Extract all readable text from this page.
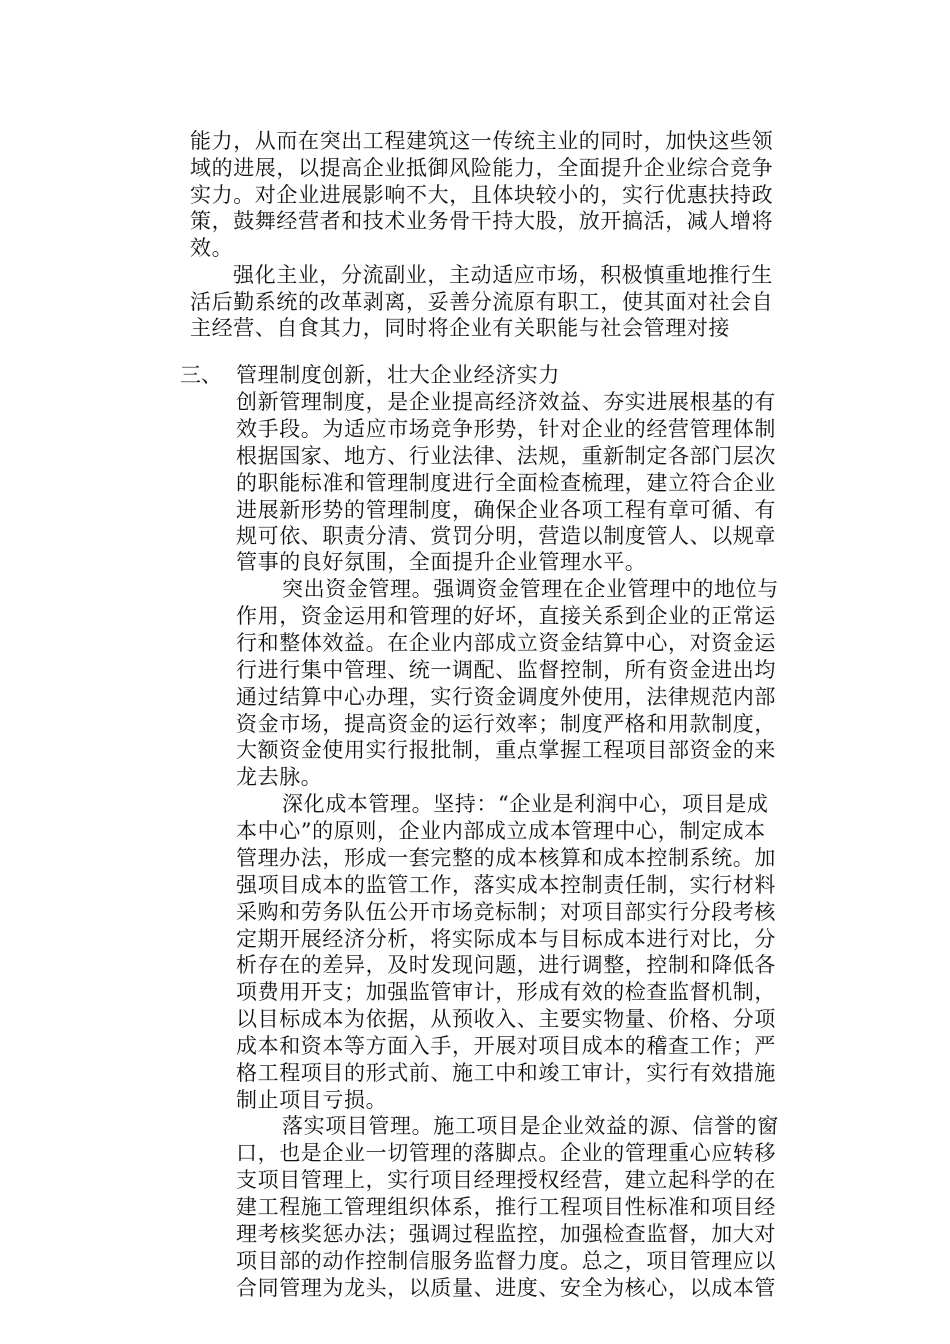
能力，从而在突出工程建筑这一传统主业的同时，加快这些领

域的进展，以提高企业抵御风险能力，全面提升企业综合竞争

实力。对企业进展影响不大，且体块较小的，实行优惠扶持政

策，鼓舞经营者和技术业务骨干持大股，放开搞活，减人增将

效。

强化主业，分流副业，主动适应市场，积极慎重地推行生

活后勤系统的改革剥离，妥善分流原有职工，使其面对社会自

主经营、自食其力，同时将企业有关职能与社会管理对接

三、 管理制度创新，壮大企业经济实力

创新管理制度，是企业提高经济效益、夯实进展根基的有

效手段。为适应市场竞争形势，针对企业的经营管理体制

根据国家、地方、行业法律、法规，重新制定各部门层次

的职能标准和管理制度进行全面检查梳理，建立符合企业

进展新形势的管理制度，确保企业各项工程有章可循、有

规可依、职责分清、赏罚分明，营造以制度管人、以规章

管事的良好氛围，全面提升企业管理水平。

突出资金管理。强调资金管理在企业管理中的地位与

作用，资金运用和管理的好坏，直接关系到企业的正常运

行和整体效益。在企业内部成立资金结算中心，对资金运

行进行集中管理、统一调配、监督控制，所有资金进出均

通过结算中心办理，实行资金调度外使用，法律规范内部

资金市场，提高资金的运行效率；制度严格和用款制度，

大额资金使用实行报批制，重点掌握工程项目部资金的来

龙去脉。

深化成本管理。坚持：“企业是利润中心，项目是成

本中心”的原则，企业内部成立成本管理中心，制定成本

管理办法，形成一套完整的成本核算和成本控制系统。加

强项目成本的监管工作，落实成本控制责任制，实行材料

采购和劳务队伍公开市场竞标制；对项目部实行分段考核

定期开展经济分析，将实际成本与目标成本进行对比，分

析存在的差异，及时发现问题，进行调整，控制和降低各

项费用开支；加强监管审计，形成有效的检查监督机制，

以目标成本为依据，从预收入、主要实物量、价格、分项

成本和资本等方面入手，开展对项目成本的稽查工作；严

格工程项目的形式前、施工中和竣工审计，实行有效措施

制止项目亏损。

落实项目管理。施工项目是企业效益的源、信誉的窗

口，也是企业一切管理的落脚点。企业的管理重心应转移

支项目管理上，实行项目经理授权经营，建立起科学的在

建工程施工管理组织体系，推行工程项目性标准和项目经

理考核奖惩办法；强调过程监控，加强检查监督，加大对

项目部的动作控制信服务监督力度。总之，项目管理应以

合同管理为龙头，以质量、进度、安全为核心，以成本管
